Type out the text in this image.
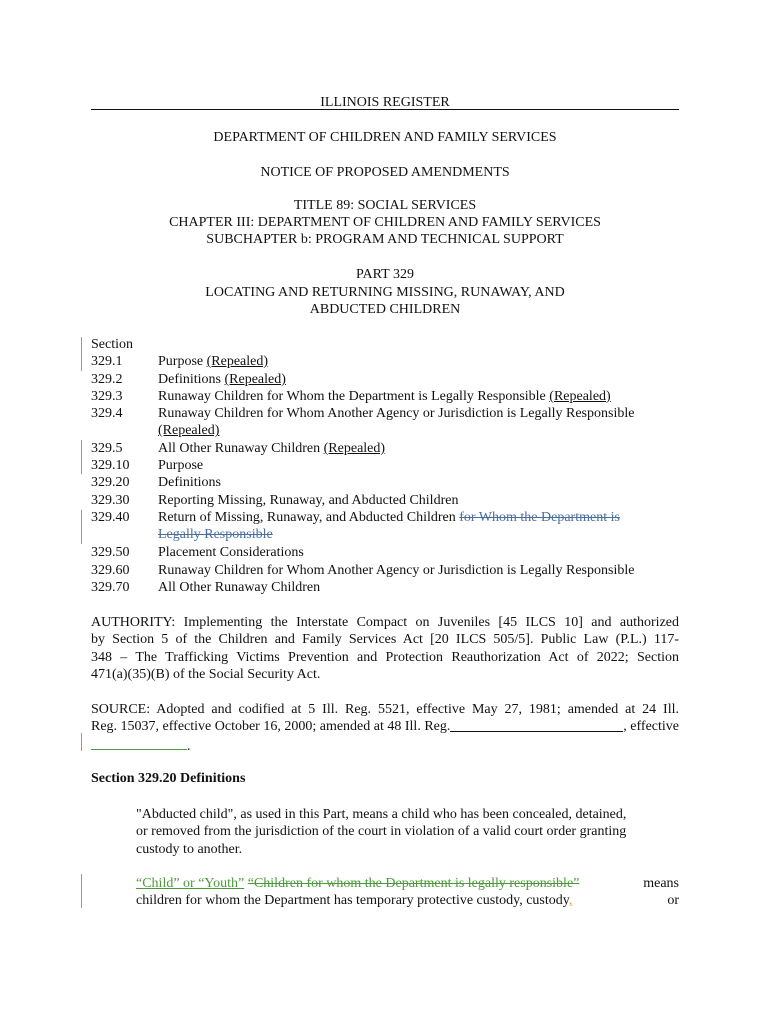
ILLINOIS REGISTER
DEPARTMENT OF CHILDREN AND FAMILY SERVICES
NOTICE OF PROPOSED AMENDMENTS
TITLE 89: SOCIAL SERVICES
CHAPTER III: DEPARTMENT OF CHILDREN AND FAMILY SERVICES
SUBCHAPTER b: PROGRAM AND TECHNICAL SUPPORT
PART 329
LOCATING AND RETURNING MISSING, RUNAWAY, AND
ABDUCTED CHILDREN
Section
329.1	Purpose (Repealed)
329.2	Definitions (Repealed)
329.3	Runaway Children for Whom the Department is Legally Responsible (Repealed)
329.4	Runaway Children for Whom Another Agency or Jurisdiction is Legally Responsible
(Repealed)
329.5	All Other Runaway Children (Repealed)
329.10 Purpose
329.20 Definitions
329.30 Reporting Missing, Runaway, and Abducted Children
329.40 Return of Missing, Runaway, and Abducted Children for Whom the Department is
Legally Responsible
329.50 Placement Considerations
329.60 Runaway Children for Whom Another Agency or Jurisdiction is Legally Responsible
329.70 All Other Runaway Children
AUTHORITY: Implementing the Interstate Compact on Juveniles [45 ILCS 10] and authorized
by Section 5 of the Children and Family Services Act [20 ILCS 505/5]. Public Law (P.L.) 117-
348 – The Trafficking Victims Prevention and Protection Reauthorization Act of 2022; Section
471(a)(35)(B) of the Social Security Act.
SOURCE: Adopted and codified at 5 Ill. Reg. 5521, effective May 27, 1981; amended at 24 Ill.
Reg. 15037, effective October 16, 2000; amended at 48 Ill. Reg.	, effective
.
Section 329.20 Definitions
"Abducted child", as used in this Part, means a child who has been concealed, detained,
or removed from the jurisdiction of the court in violation of a valid court order granting
custody to another.
“Child” or “Youth” “Children for whom the Department is legally responsible”	means
children for whom the Department has temporary protective custody, custody,	or
